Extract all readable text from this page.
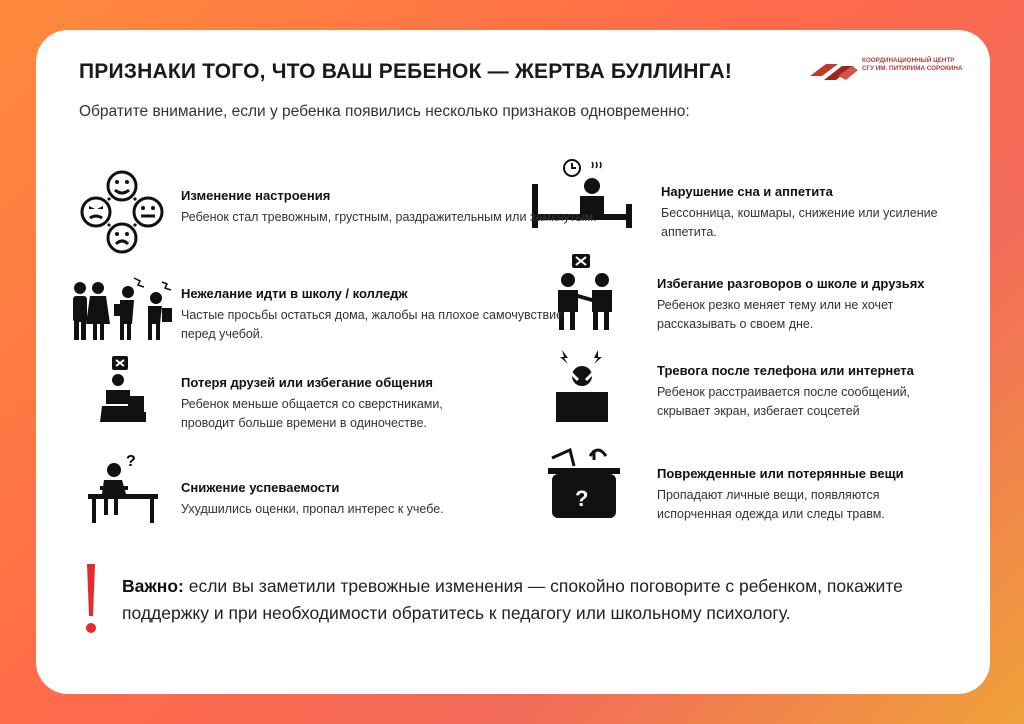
ПРИЗНАКИ ТОГО, ЧТО ВАШ РЕБЕНОК — ЖЕРТВА БУЛЛИНГА!
Обратите внимание, если у ребенка появились несколько признаков одновременно:
КООРДИНАЦИОННЫЙ ЦЕНТР
СГУ ИМ. ПИТИРИМА СОРОКИНА
?
?
Изменение настроения
Ребенок стал тревожным, грустным, раздражительным или замкнутым.
Нежелание идти в школу / колледж
Частые просьбы остаться дома, жалобы на плохое самочувствие перед учебой.
Потеря друзей или избегание общения
Ребенок меньше общается со сверстниками, проводит больше времени в одиночестве.
Снижение успеваемости
Ухудшились оценки, пропал интерес к учебе.
Нарушение сна и аппетита
Бессонница, кошмары, снижение или усиление аппетита.
Избегание разговоров о школе и друзьях
Ребенок резко меняет тему или не хочет рассказывать о своем дне.
Тревога после телефона или интернета
Ребенок расстраивается после сообщений, скрывает экран, избегает соцсетей
Поврежденные или потерянные вещи
Пропадают личные вещи, появляются испорченная одежда или следы травм.
Важно: если вы заметили тревожные изменения — спокойно поговорите с ребенком, покажите поддержку и при необходимости обратитесь к педагогу или школьному психологу.
